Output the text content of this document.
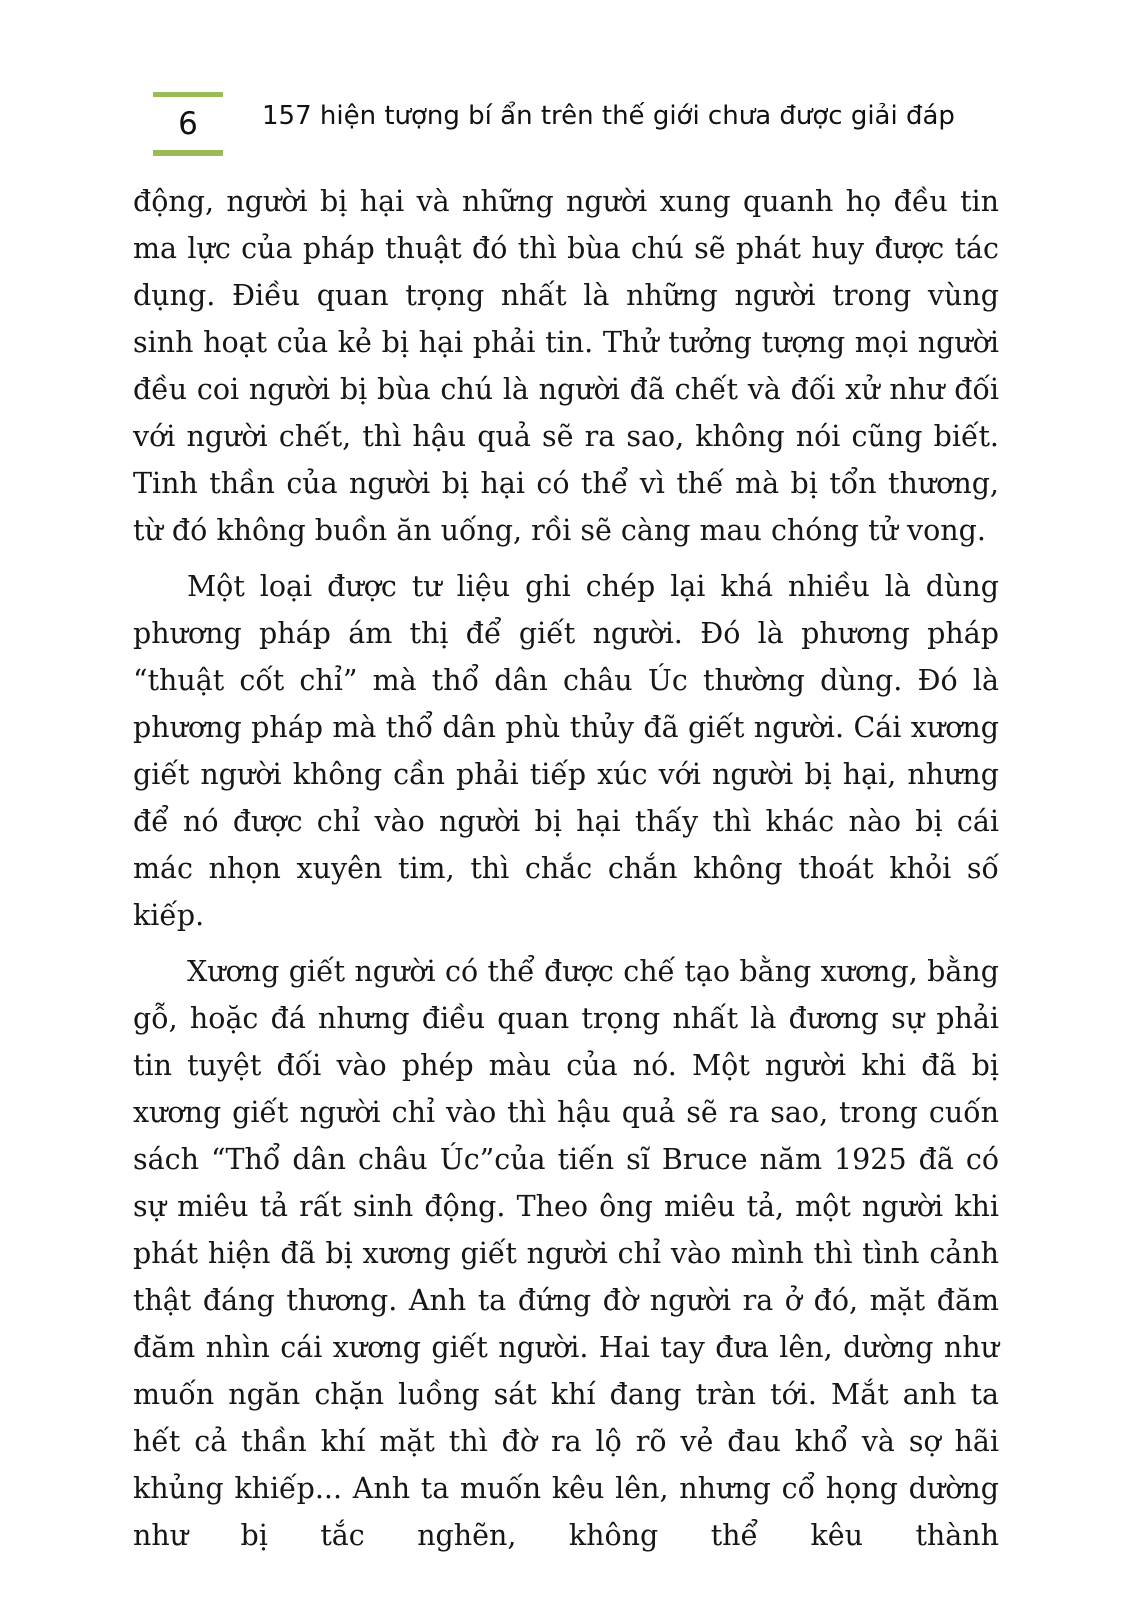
6	157 hiện tượng bí ẩn trên thế giới chưa được giải đáp

động, người bị hại và những người xung quanh họ đều tin ma lực của pháp thuật đó thì bùa chú sẽ phát huy được tác dụng. Điều quan trọng nhất là những người trong vùng sinh hoạt của kẻ bị hại phải tin. Thử tưởng tượng mọi người đều coi người bị bùa chú là người đã chết và đối xử như đối với người chết, thì hậu quả sẽ ra sao, không nói cũng biết. Tinh thần của người bị hại có thể vì thế mà bị tổn thương, từ đó không buồn ăn uống, rồi sẽ càng mau chóng tử vong.

Một loại được tư liệu ghi chép lại khá nhiều là dùng phương pháp ám thị để giết người. Đó là phương pháp “thuật cốt chỉ” mà thổ dân châu Úc thường dùng. Đó là phương pháp mà thổ dân phù thủy đã giết người. Cái xương giết người không cần phải tiếp xúc với người bị hại, nhưng để nó được chỉ vào người bị hại thấy thì khác nào bị cái mác nhọn xuyên tim, thì chắc chắn không thoát khỏi số kiếp.

Xương giết người có thể được chế tạo bằng xương, bằng gỗ, hoặc đá nhưng điều quan trọng nhất là đương sự phải tin tuyệt đối vào phép màu của nó. Một người khi đã bị xương giết người chỉ vào thì hậu quả sẽ ra sao, trong cuốn sách “Thổ dân châu Úc”của tiến sĩ Bruce năm 1925 đã có sự miêu tả rất sinh động. Theo ông miêu tả, một người khi phát hiện đã bị xương giết người chỉ vào mình thì tình cảnh thật đáng thương. Anh ta đứng đờ người ra ở đó, mặt đăm đăm nhìn cái xương giết người. Hai tay đưa lên, dường như muốn ngăn chặn luồng sát khí đang tràn tới. Mắt anh ta hết cả thần khí mặt thì đờ ra lộ rõ vẻ đau khổ và sợ hãi khủng khiếp... Anh ta muốn kêu lên, nhưng cổ họng dường như bị tắc nghẽn, không thể kêu thành
